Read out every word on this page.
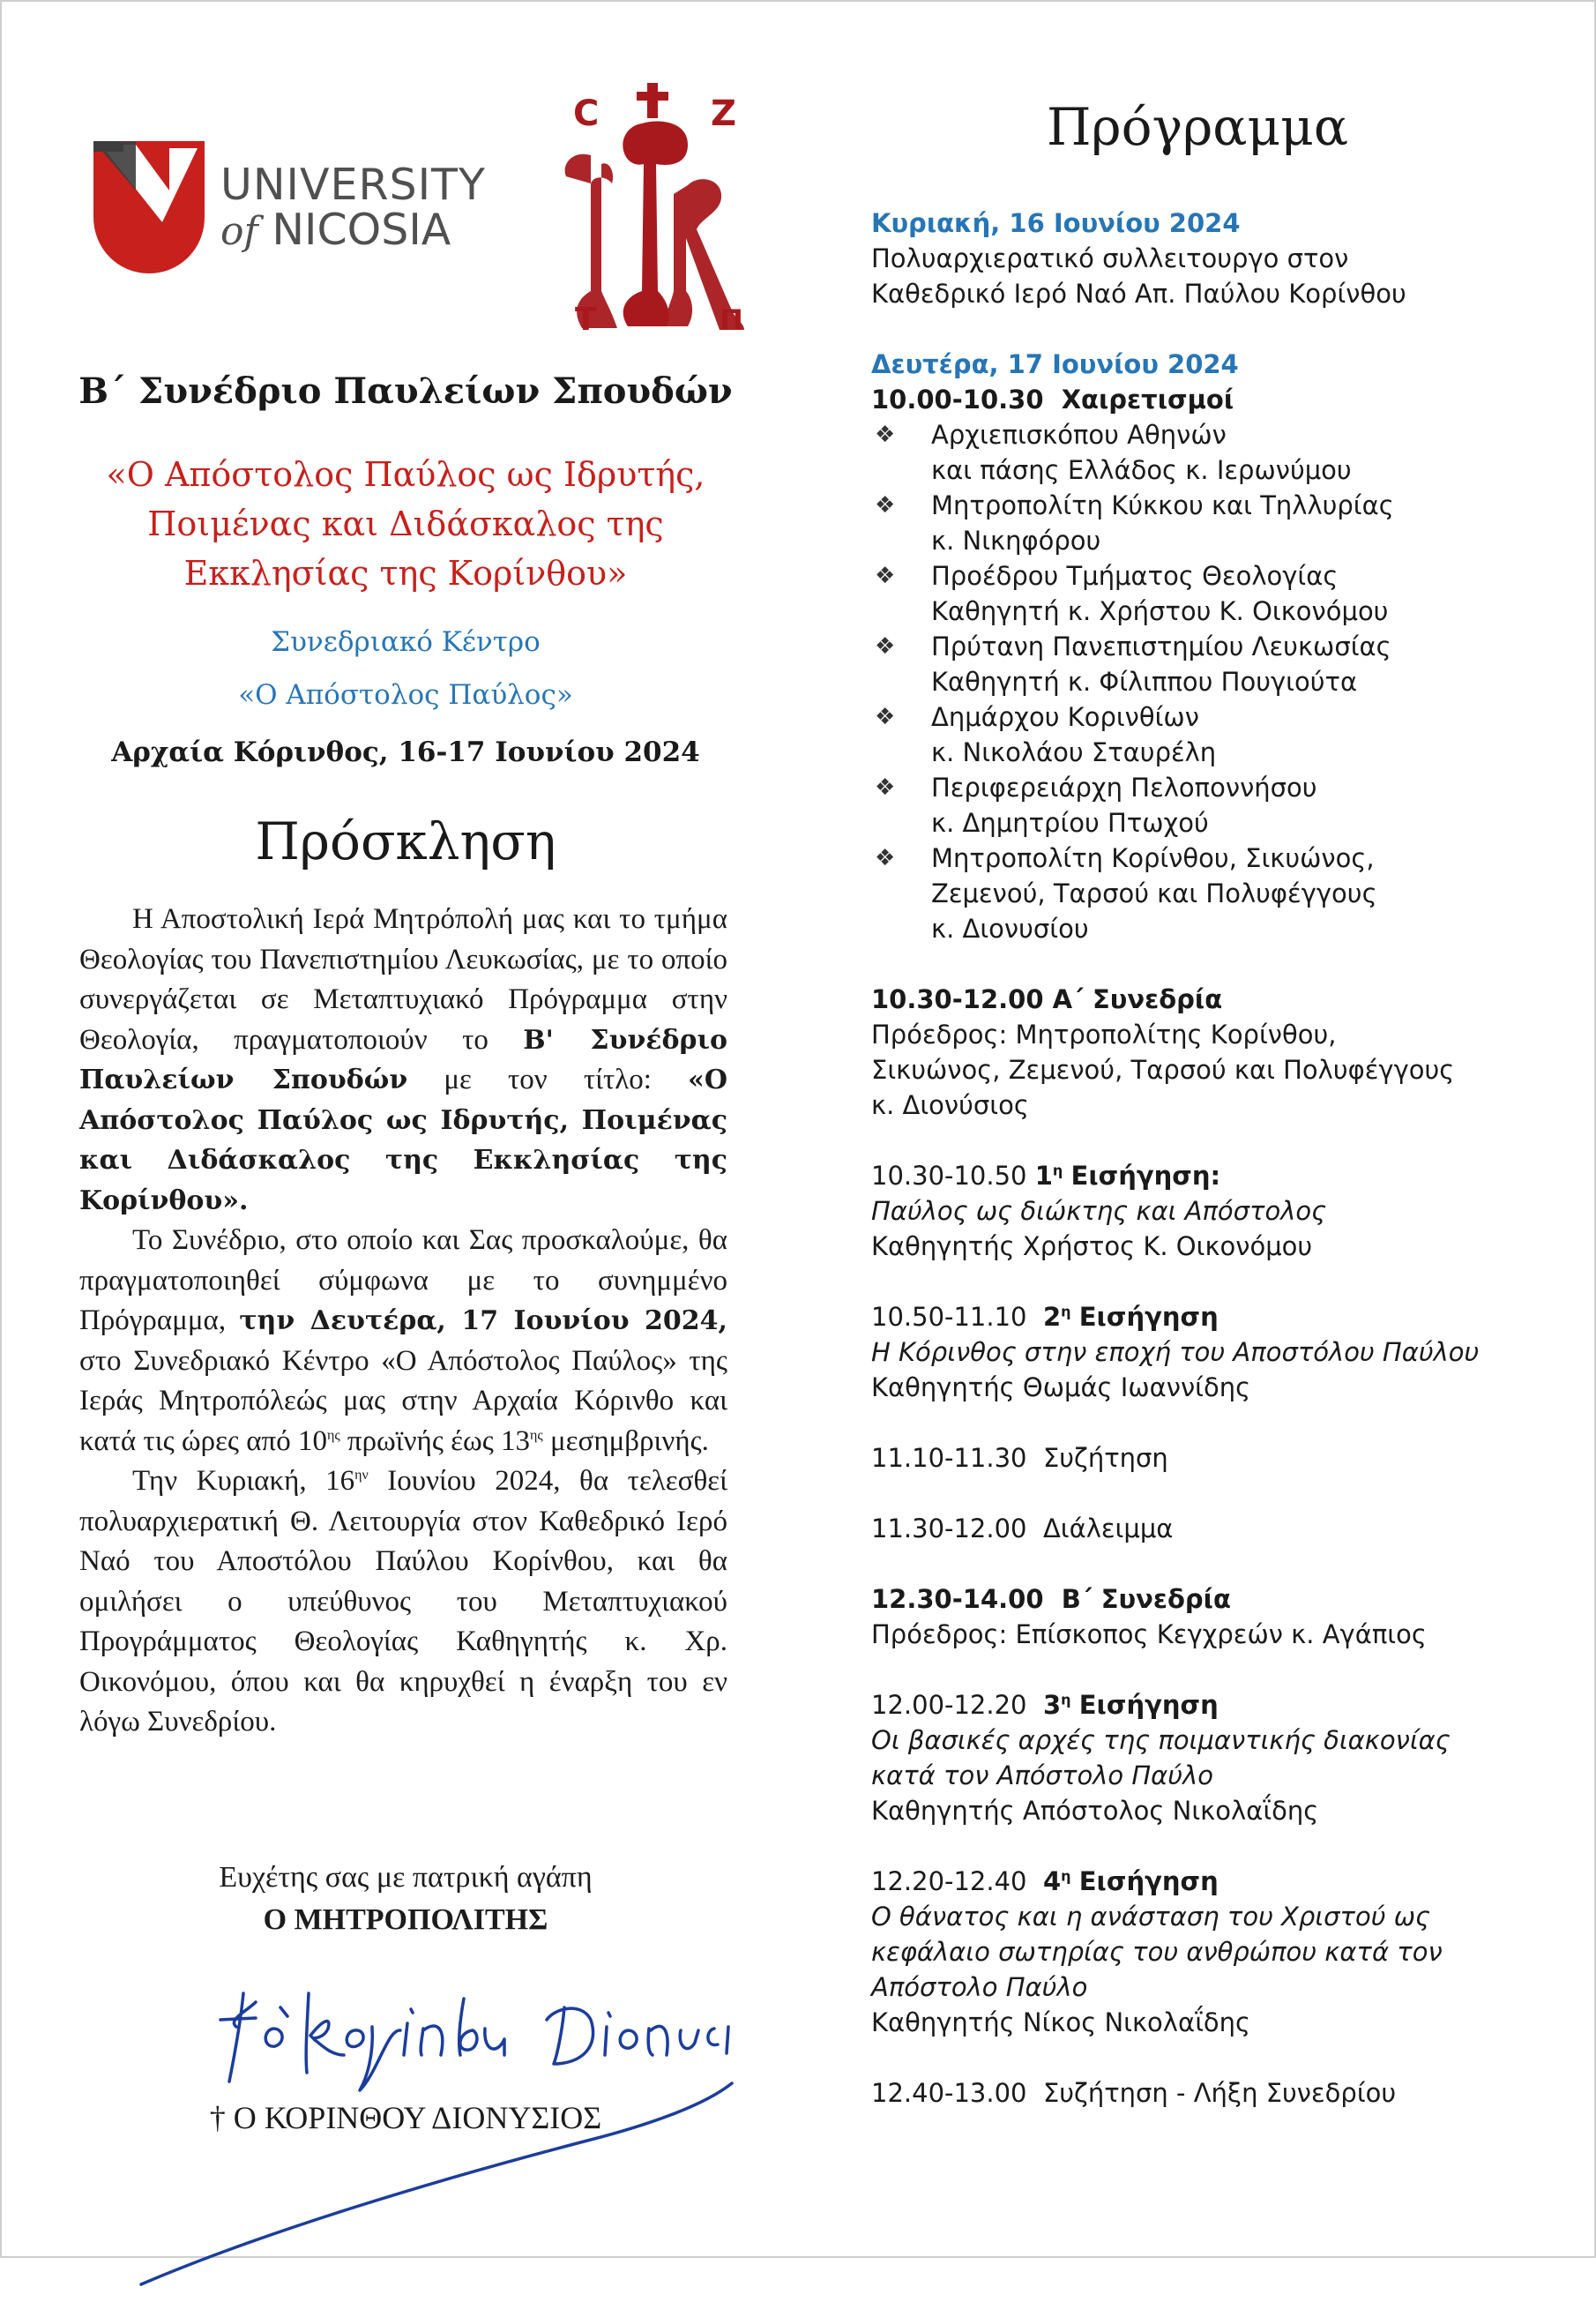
UNIVERSITY
of NICOSIA
C	Z
T	Π
Β΄ Συνέδριο Παυλείων Σπουδών
«Ο Απόστολος Παύλος ως Ιδρυτής,
Ποιμένας και Διδάσκαλος της
Εκκλησίας της Κορίνθου»
Συνεδριακό Κέντρο
«Ο Απόστολος Παύλος»
Αρχαία Κόρινθος, 16-17 Ιουνίου 2024
Πρόσκληση

Η Αποστολική Ιερά Μητρόπολή μας και το τμήμα Θεολογίας του Πανεπιστημίου Λευκωσίας, με το οποίο συνεργάζεται σε Μεταπτυχιακό Πρόγραμμα στην Θεολογία, πραγματοποιούν το Β' Συνέδριο Παυλείων Σπουδών με τον τίτλο: «Ο Απόστολος Παύλος ως Ιδρυτής, Ποιμένας και Διδάσκαλος της Εκκλησίας της Κορίνθου».

Το Συνέδριο, στο οποίο και Σας προσκαλούμε, θα πραγματοποιηθεί σύμφωνα με το συνημμένο Πρόγραμμα, την Δευτέρα, 17 Ιουνίου 2024, στο Συνεδριακό Κέντρο «Ο Απόστολος Παύλος» της Ιεράς Μητροπόλεώς μας στην Αρχαία Κόρινθο και κατά τις ώρες από $10^{\eta\varsigma}$ πρωϊνής έως $13^{\eta\varsigma}$ μεσημβρινής.

Την Κυριακή, $16^{\eta\nu}$ Ιουνίου 2024, θα τελεσθεί πολυαρχιερατική Θ. Λειτουργία στον Καθεδρικό Ιερό Ναό του Αποστόλου Παύλου Κορίνθου, και θα ομιλήσει ο υπεύθυνος του Μεταπτυχιακού Προγράμματος Θεολογίας Καθηγητής κ. Χρ. Οικονόμου, όπου και θα κηρυχθεί η έναρξη του εν λόγω Συνεδρίου.

Ευχέτης σας με πατρική αγάπη
Ο ΜΗΤΡΟΠΟΛΙΤΗΣ
† Ο ΚΟΡΙΝΘΟΥ ΔΙΟΝΥΣΙΟΣ
Πρόγραμμα

Κυριακή, 16 Ιουνίου 2024

Πολυαρχιερατικό συλλειτουργο στον

Καθεδρικό Ιερό Ναό Απ. Παύλου Κορίνθου

Δευτέρα, 17 Ιουνίου 2024

10.00-10.30 Χαιρετισμοί

❖	Αρχιεπισκόπου Αθηνών

και πάσης Ελλάδος κ. Ιερωνύμου

❖	Μητροπολίτη Κύκκου και Τηλλυρίας

κ. Νικηφόρου

❖	Προέδρου Τμήματος Θεολογίας

Καθηγητή κ. Χρήστου Κ. Οικονόμου

❖	Πρύτανη Πανεπιστημίου Λευκωσίας

Καθηγητή κ. Φίλιππου Πουγιούτα

❖	Δημάρχου Κορινθίων

κ. Νικολάου Σταυρέλη

❖	Περιφερειάρχη Πελοποννήσου

κ. Δημητρίου Πτωχού

❖	Μητροπολίτη Κορίνθου, Σικυώνος,

Ζεμενού, Ταρσού και Πολυφέγγους

κ. Διονυσίου

10.30-12.00 Α΄ Συνεδρία

Πρόεδρος: Μητροπολίτης Κορίνθου,

Σικυώνος, Ζεμενού, Ταρσού και Πολυφέγγους

κ. Διονύσιος

10.30-10.50 $1^\eta$ Εισήγηση:

Παύλος ως διώκτης και Απόστολος

Καθηγητής Χρήστος Κ. Οικονόμου

10.50-11.10 $2^\eta$ Εισήγηση

Η Κόρινθος στην εποχή του Αποστόλου Παύλου

Καθηγητής Θωμάς Ιωαννίδης

11.10-11.30 Συζήτηση

11.30-12.00 Διάλειμμα

12.30-14.00 Β΄ Συνεδρία

Πρόεδρος: Επίσκοπος Κεγχρεών κ. Αγάπιος

12.00-12.20 $3^\eta$ Εισήγηση

Οι βασικές αρχές της ποιμαντικής διακονίας

κατά τον Απόστολο Παύλο

Καθηγητής Απόστολος Νικολαΐδης

12.20-12.40 $4^\eta$ Εισήγηση

Ο θάνατος και η ανάσταση του Χριστού ως

κεφάλαιο σωτηρίας του ανθρώπου κατά τον

Απόστολο Παύλο

Καθηγητής Νίκος Νικολαΐδης

12.40-13.00 Συζήτηση - Λήξη Συνεδρίου
